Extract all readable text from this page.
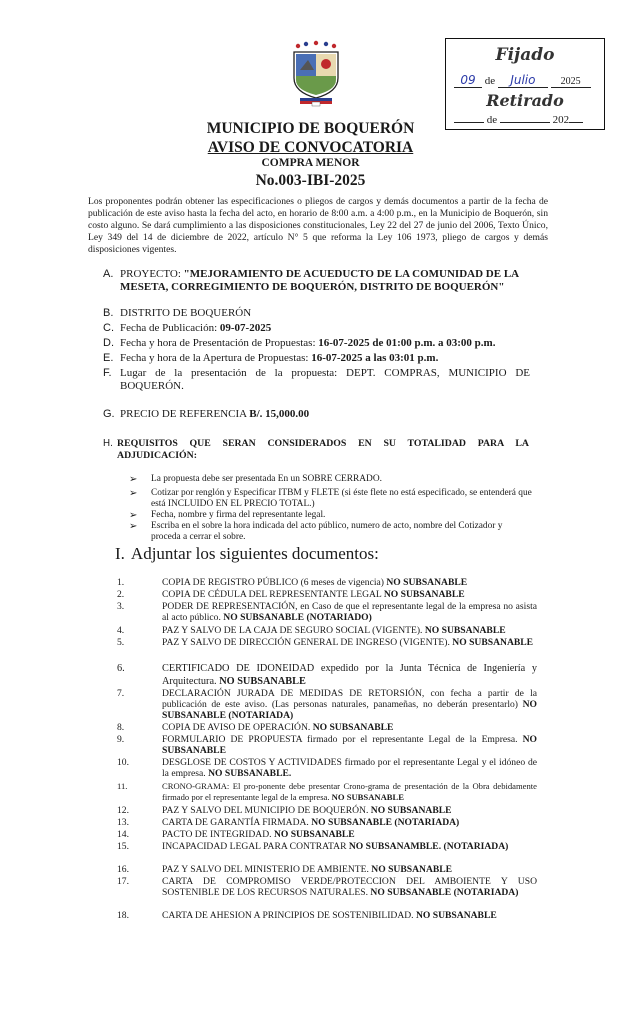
Fijado
09 de Julio	2025
Retirado
de	202
MUNICIPIO DE BOQUERÓN
AVISO DE CONVOCATORIA
COMPRA MENOR
No.003-IBI-2025
Los proponentes podrán obtener las especificaciones o pliegos de cargos y demás documentos a partir de la fecha de publicación de este aviso hasta la fecha del acto, en horario de 8:00 a.m. a 4:00 p.m., en la Municipio de Boquerón, sin costo alguno. Se dará cumplimiento a las disposiciones constitucionales, Ley 22 del 27 de junio del 2006, Texto Único, Ley 349 del 14 de diciembre de 2022, artículo N° 5 que reforma la Ley 106 1973, pliego de cargos y demás disposiciones vigentes.
A. PROYECTO: "MEJORAMIENTO DE ACUEDUCTO DE LA COMUNIDAD DE LA MESETA, CORREGIMIENTO DE BOQUERÓN, DISTRITO DE BOQUERÓN"
B. DISTRITO DE BOQUERÓN
C. Fecha de Publicación: 09-07-2025
D. Fecha y hora de Presentación de Propuestas: 16-07-2025 de 01:00 p.m. a 03:00 p.m.
E. Fecha y hora de la Apertura de Propuestas: 16-07-2025 a las 03:01 p.m.
F. Lugar de la presentación de la propuesta: DEPT. COMPRAS, MUNICIPIO DE BOQUERÓN.
G. PRECIO DE REFERENCIA B/. 15,000.00
H. REQUISITOS QUE SERAN CONSIDERADOS EN SU TOTALIDAD PARA LA ADJUDICACIÓN:
➢	La propuesta debe ser presentada En un SOBRE CERRADO.
➢	Cotizar por renglón y Especificar ITBM y FLETE (si éste flete no está especificado, se entenderá que está INCLUIDO EN EL PRECIO TOTAL.)
➢	Fecha, nombre y firma del representante legal.
➢	Escriba en el sobre la hora indicada del acto público, numero de acto, nombre del Cotizador y proceda a cerrar el sobre.
I. Adjuntar los siguientes documentos:
1.	COPIA DE REGISTRO PÚBLICO (6 meses de vigencia) NO SUBSANABLE
2.	COPIA DE CÉDULA DEL REPRESENTANTE LEGAL NO SUBSANABLE
3.	PODER DE REPRESENTACIÓN, en Caso de que el representante legal de la empresa no asista al acto público. NO SUBSANABLE (NOTARIADO)
4.	PAZ Y SALVO DE LA CAJA DE SEGURO SOCIAL (VIGENTE). NO SUBSANABLE
5.	PAZ Y SALVO DE DIRECCIÓN GENERAL DE INGRESO (VIGENTE). NO SUBSANABLE
6.	CERTIFICADO DE IDONEIDAD expedido por la Junta Técnica de Ingeniería y Arquitectura. NO SUBSANABLE
7.	DECLARACIÓN JURADA DE MEDIDAS DE RETORSIÓN, con fecha a partir de la publicación de este aviso. (Las personas naturales, panameñas, no deberán presentarlo) NO SUBSANABLE (NOTARIADA)
8.	COPIA DE AVISO DE OPERACIÓN. NO SUBSANABLE
9.	FORMULARIO DE PROPUESTA firmado por el representante Legal de la Empresa. NO SUBSANABLE
10.	DESGLOSE DE COSTOS Y ACTIVIDADES firmado por el representante Legal y el idóneo de la empresa. NO SUBSANABLE.
11.	CRONO-GRAMA: El pro-ponente debe presentar Crono-grama de presentación de la Obra debidamente firmado por el representante legal de la empresa. NO SUBSANABLE
12.	PAZ Y SALVO DEL MUNICIPIO DE BOQUERÓN. NO SUBSANABLE
13.	CARTA DE GARANTÍA FIRMADA. NO SUBSANABLE (NOTARIADA)
14.	PACTO DE INTEGRIDAD. NO SUBSANABLE
15.	INCAPACIDAD LEGAL PARA CONTRATAR NO SUBSANAMBLE. (NOTARIADA)
16.	PAZ Y SALVO DEL MINISTERIO DE AMBIENTE. NO SUBSANABLE
17.	CARTA DE COMPROMISO VERDE/PROTECCION DEL AMBOIENTE Y USO SOSTENIBLE DE LOS RECURSOS NATURALES. NO SUBSANABLE (NOTARIADA)
18.	CARTA DE AHESION A PRINCIPIOS DE SOSTENIBILIDAD. NO SUBSANABLE
